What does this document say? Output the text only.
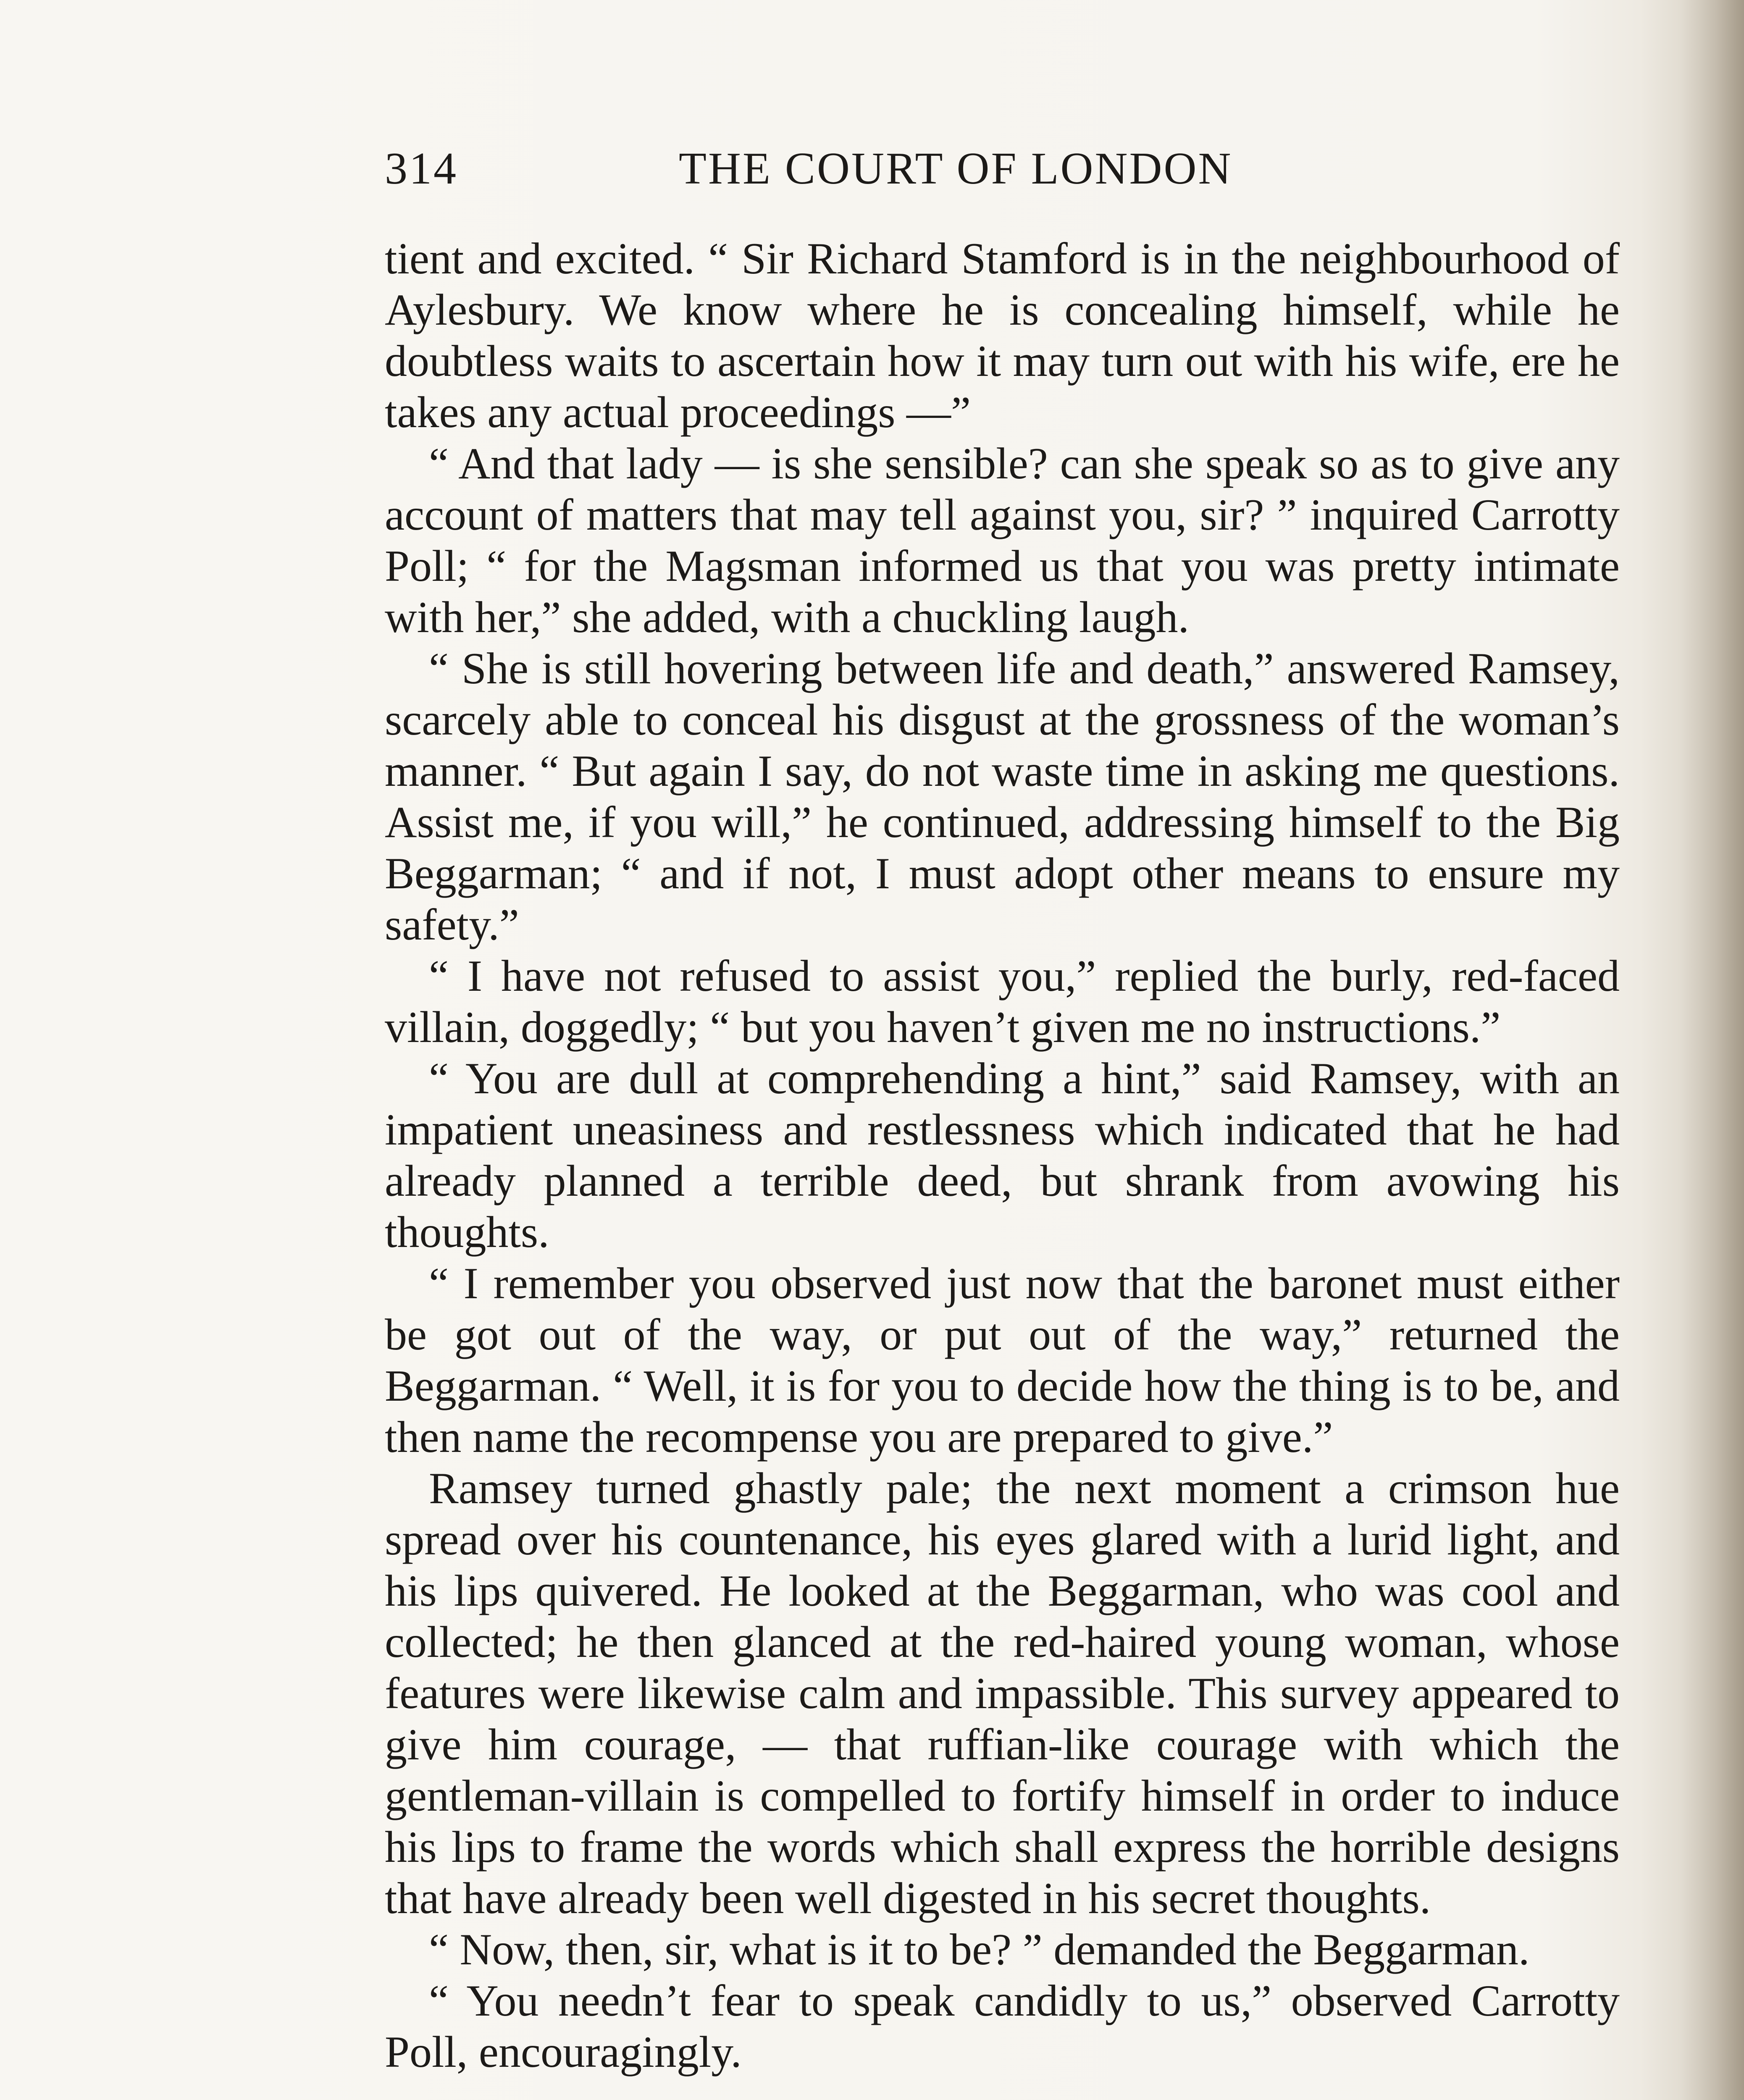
314	THE COURT OF LONDON

tient and excited. “ Sir Richard Stamford is in the neighbourhood of Aylesbury. We know where he is concealing himself, while he doubtless waits to ascertain how it may turn out with his wife, ere he takes any actual proceedings —”

“ And that lady — is she sensible? can she speak so as to give any account of matters that may tell against you, sir? ” inquired Carrotty Poll; “ for the Magsman informed us that you was pretty intimate with her,” she added, with a chuckling laugh.

“ She is still hovering between life and death,” answered Ramsey, scarcely able to conceal his disgust at the grossness of the woman’s manner. “ But again I say, do not waste time in asking me questions. Assist me, if you will,” he continued, addressing himself to the Big Beggarman; “ and if not, I must adopt other means to ensure my safety.”

“ I have not refused to assist you,” replied the burly, red-faced villain, doggedly; “ but you haven’t given me no instructions.”

“ You are dull at comprehending a hint,” said Ramsey, with an impatient uneasiness and restlessness which indicated that he had already planned a terrible deed, but shrank from avowing his thoughts.

“ I remember you observed just now that the baronet must either be got out of the way, or put out of the way,” returned the Beggarman. “ Well, it is for you to decide how the thing is to be, and then name the recompense you are prepared to give.”

Ramsey turned ghastly pale; the next moment a crimson hue spread over his countenance, his eyes glared with a lurid light, and his lips quivered. He looked at the Beggarman, who was cool and collected; he then glanced at the red-haired young woman, whose features were likewise calm and impassible. This survey appeared to give him courage, — that ruffian-like courage with which the gentleman-villain is compelled to fortify himself in order to induce his lips to frame the words which shall express the horrible designs that have already been well digested in his secret thoughts.

“ Now, then, sir, what is it to be? ” demanded the Beggarman.

“ You needn’t fear to speak candidly to us,” observed Carrotty Poll, encouragingly.
